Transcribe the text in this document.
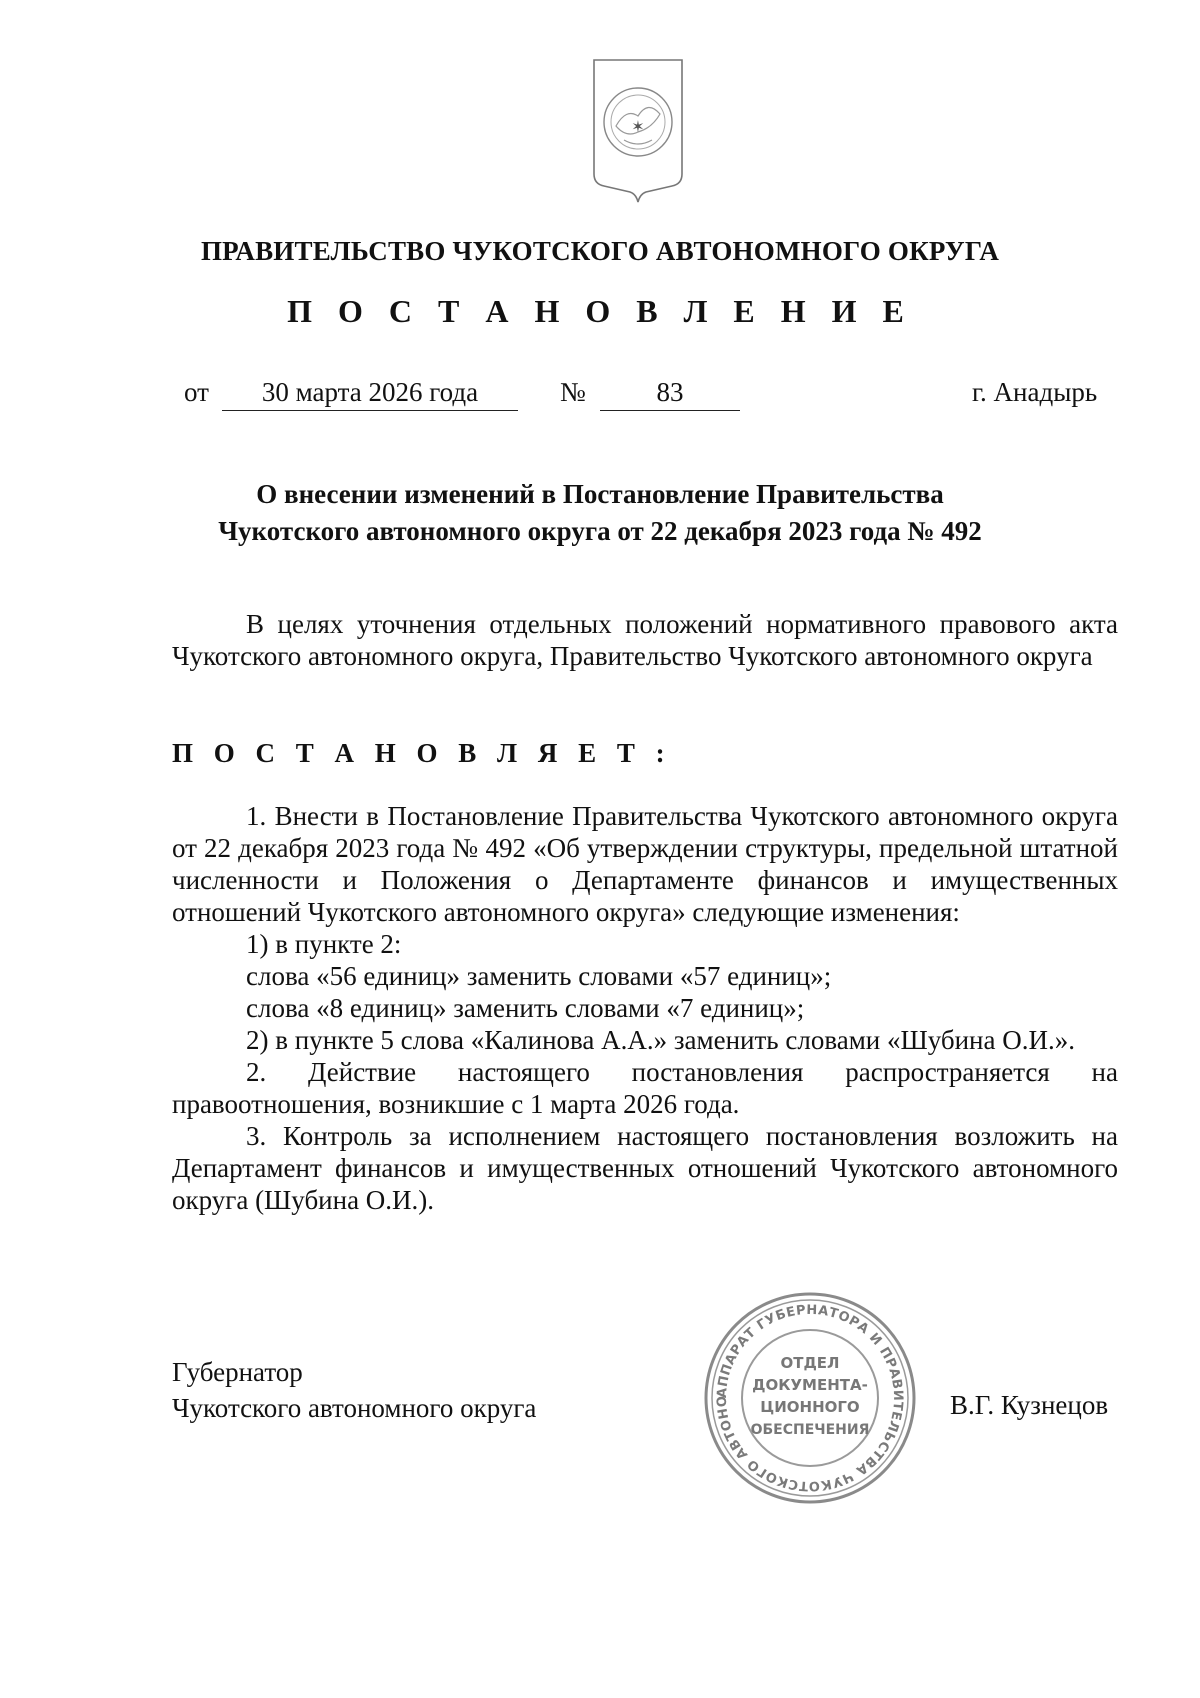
✶
ПРАВИТЕЛЬСТВО ЧУКОТСКОГО АВТОНОМНОГО ОКРУГА
П О С Т А Н О В Л Е Н И Е
от	30 марта 2026 года	№	83	г. Анадырь
О внесении изменений в Постановление Правительства
Чукотского автономного округа от 22 декабря 2023 года № 492

В целях уточнения отдельных положений нормативного правового акта Чукотского автономного округа, Правительство Чукотского автономного округа

П О С Т А Н О В Л Я Е Т :

1. Внести в Постановление Правительства Чукотского автономного округа от 22 декабря 2023 года № 492 «Об утверждении структуры, предельной штатной численности и Положения о Департаменте финансов и имущественных отношений Чукотского автономного округа» следующие изменения:

1) в пункте 2:

слова «56 единиц» заменить словами «57 единиц»;

слова «8 единиц» заменить словами «7 единиц»;

2) в пункте 5 слова «Калинова А.А.» заменить словами «Шубина О.И.».

2. Действие настоящего постановления распространяется на правоотношения, возникшие с 1 марта 2026 года.

3. Контроль за исполнением настоящего постановления возложить на Департамент финансов и имущественных отношений Чукотского автономного округа (Шубина О.И.).

Губернатор
Чукотского автономного округа	В.Г. Кузнецов
АППАРАТ ГУБЕРНАТОРА И ПРАВИТЕЛЬСТВА ЧУКОТСКОГО АВТОНО
ОТДЕЛ
ДОКУМЕНТА-
ЦИОННОГО
ОБЕСПЕЧЕНИЯ
